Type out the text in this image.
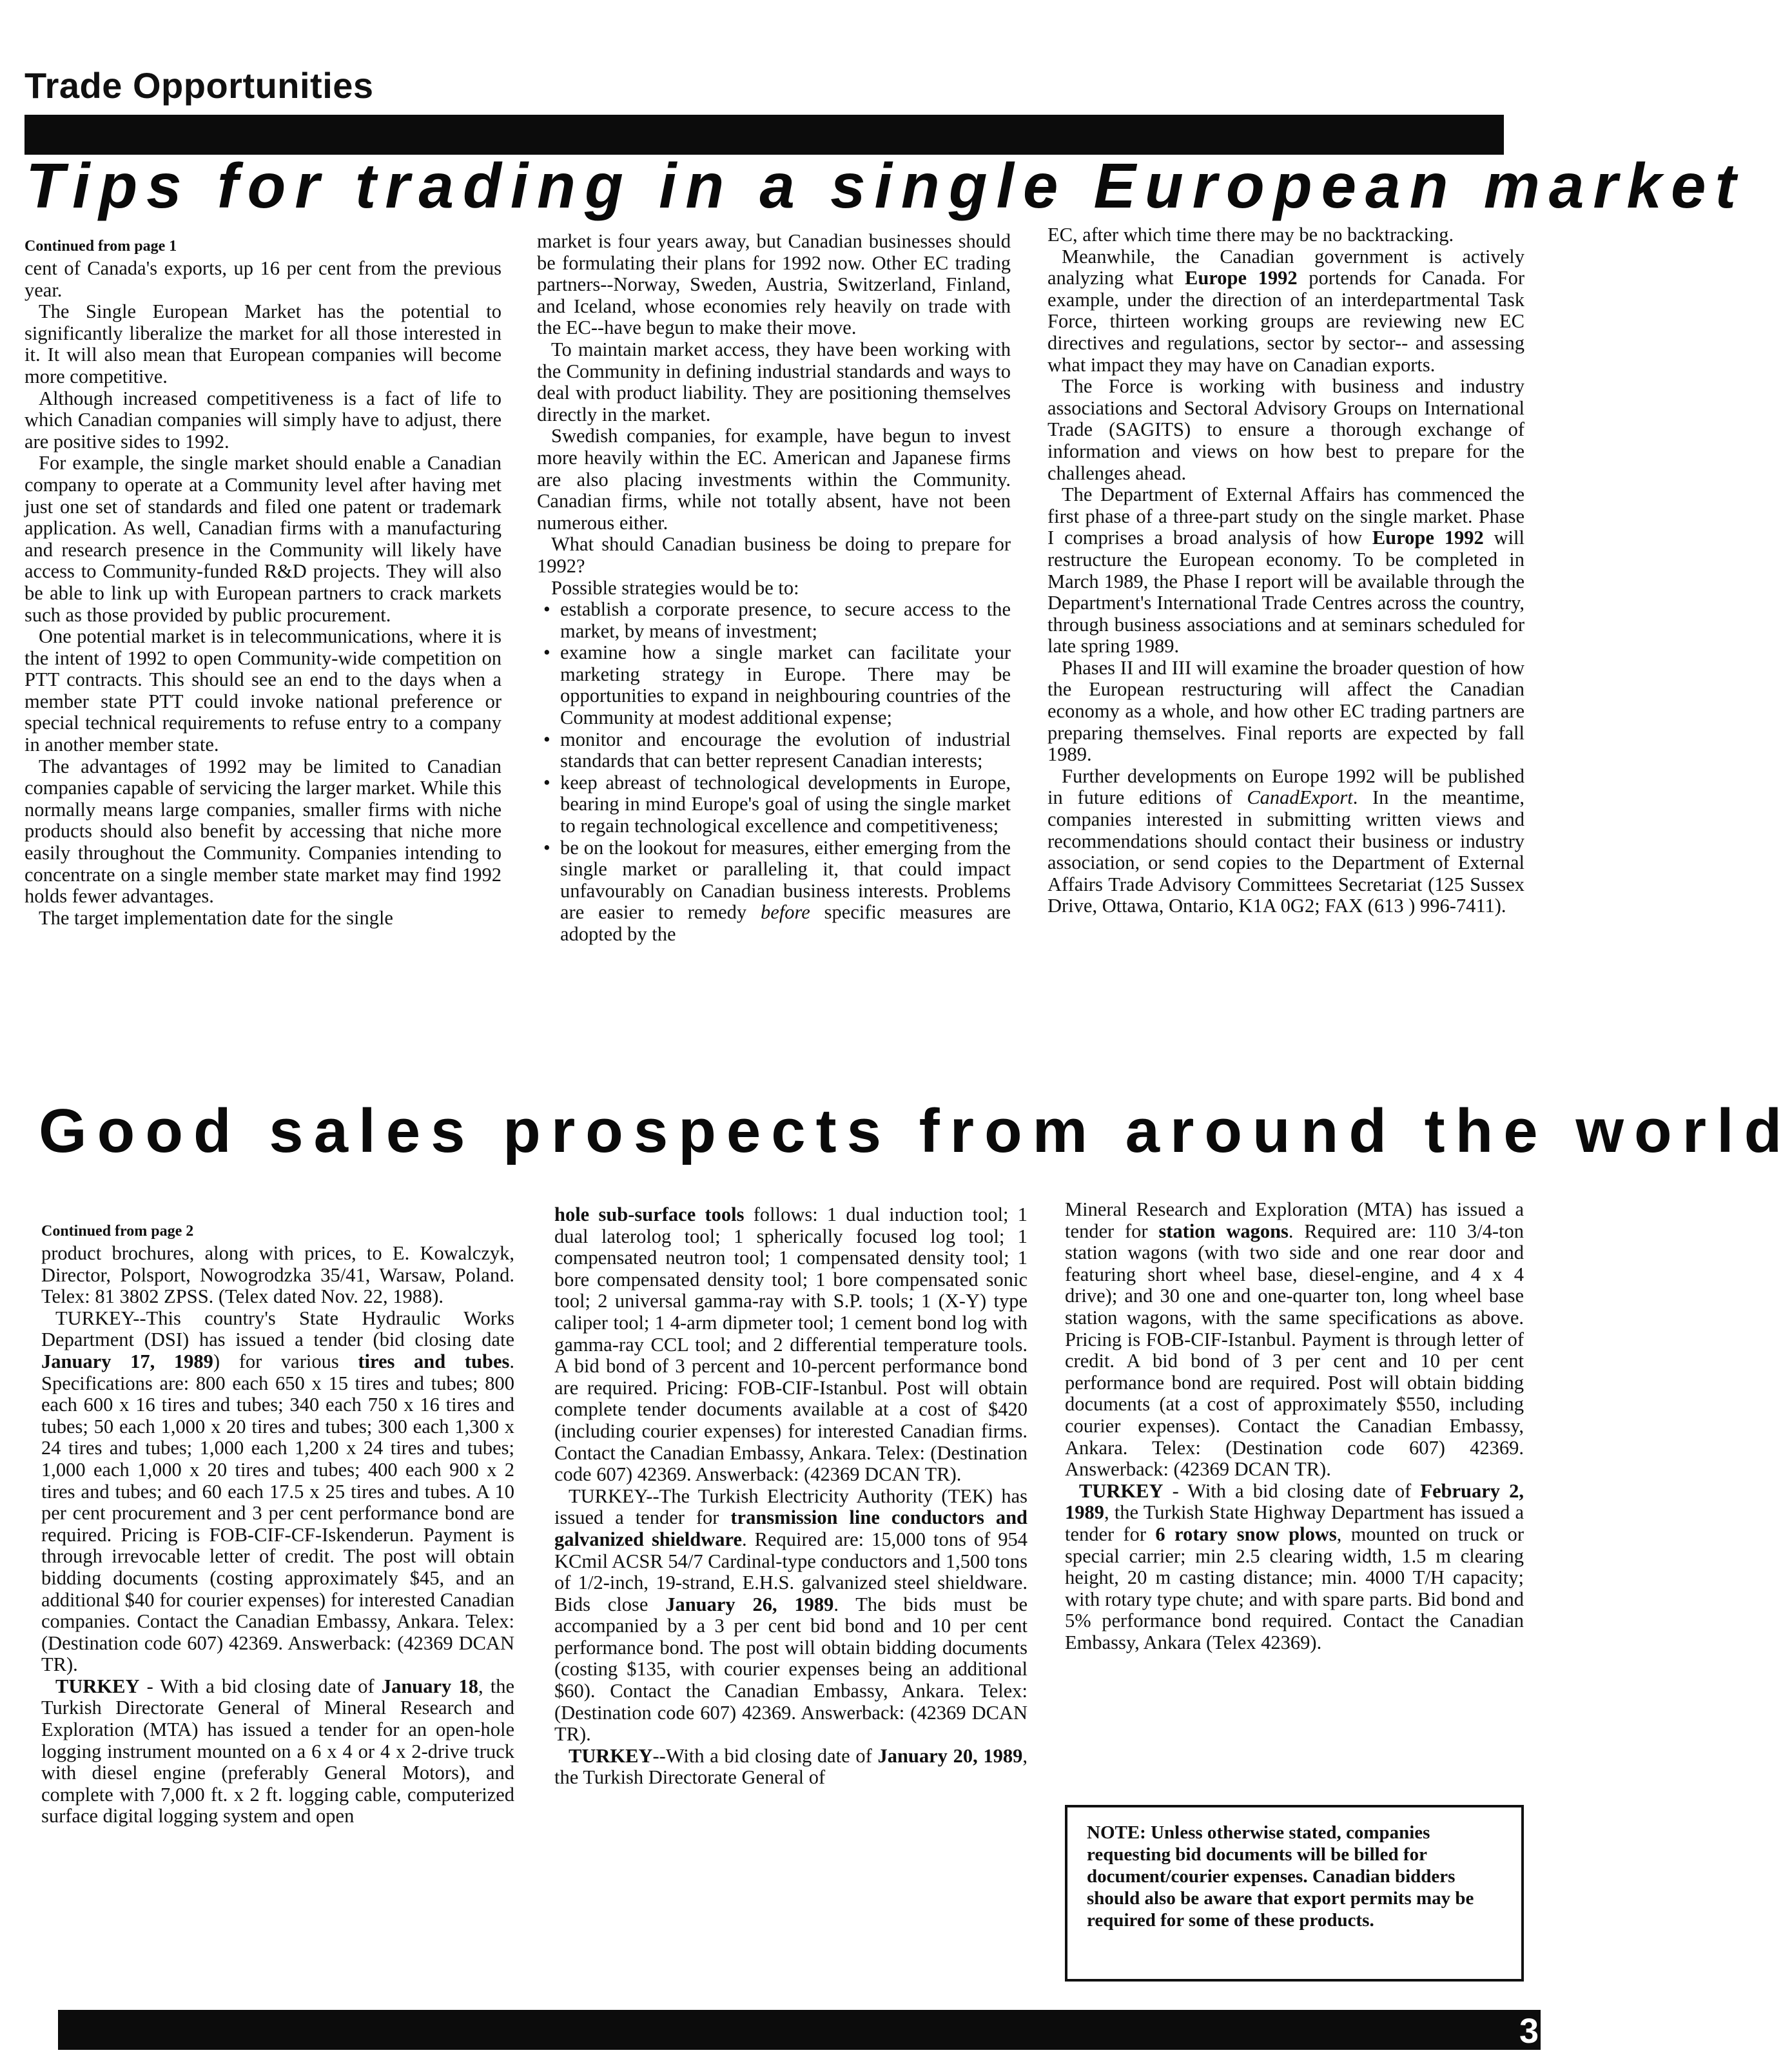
Trade Opportunities
Tips for trading in a single European market
Continued from page 1

cent of Canada's exports, up 16 per cent from the previous year.

The Single European Market has the potential to significantly liberalize the market for all those interested in it. It will also mean that European companies will become more competitive.

Although increased competitiveness is a fact of life to which Canadian companies will simply have to adjust, there are positive sides to 1992.

For example, the single market should enable a Canadian company to operate at a Community level after having met just one set of standards and filed one patent or trademark application. As well, Canadian firms with a manufacturing and research presence in the Community will likely have access to Community-funded R&D projects. They will also be able to link up with European partners to crack markets such as those provided by public procurement.

One potential market is in telecommunications, where it is the intent of 1992 to open Community-wide competition on PTT contracts. This should see an end to the days when a member state PTT could invoke national preference or special technical requirements to refuse entry to a company in another member state.

The advantages of 1992 may be limited to Canadian companies capable of servicing the larger market. While this normally means large companies, smaller firms with niche products should also benefit by accessing that niche more easily throughout the Community. Companies intending to concentrate on a single member state market may find 1992 holds fewer advantages.

The target implementation date for the single

market is four years away, but Canadian businesses should be formulating their plans for 1992 now. Other EC trading partners--Norway, Sweden, Austria, Switzerland, Finland, and Iceland, whose economies rely heavily on trade with the EC--have begun to make their move.

To maintain market access, they have been working with the Community in defining industrial standards and ways to deal with product liability. They are positioning themselves directly in the market.

Swedish companies, for example, have begun to invest more heavily within the EC. American and Japanese firms are also placing investments within the Community. Canadian firms, while not totally absent, have not been numerous either.

What should Canadian business be doing to prepare for 1992?

Possible strategies would be to:

• establish a corporate presence, to secure access to the market, by means of investment;
• examine how a single market can facilitate your marketing strategy in Europe. There may be opportunities to expand in neighbouring countries of the Community at modest additional expense;
• monitor and encourage the evolution of industrial standards that can better represent Canadian interests;
• keep abreast of technological developments in Europe, bearing in mind Europe's goal of using the single market to regain technological excellence and competitiveness;
• be on the lookout for measures, either emerging from the single market or paralleling it, that could impact unfavourably on Canadian business interests. Problems are easier to remedy before specific measures are adopted by the

EC, after which time there may be no backtracking.

Meanwhile, the Canadian government is actively analyzing what Europe 1992 portends for Canada. For example, under the direction of an interdepartmental Task Force, thirteen working groups are reviewing new EC directives and regulations, sector by sector-- and assessing what impact they may have on Canadian exports.

The Force is working with business and industry associations and Sectoral Advisory Groups on International Trade (SAGITS) to ensure a thorough exchange of information and views on how best to prepare for the challenges ahead.

The Department of External Affairs has commenced the first phase of a three-part study on the single market. Phase I comprises a broad analysis of how Europe 1992 will restructure the European economy. To be completed in March 1989, the Phase I report will be available through the Department's International Trade Centres across the country, through business associations and at seminars scheduled for late spring 1989.

Phases II and III will examine the broader question of how the European restructuring will affect the Canadian economy as a whole, and how other EC trading partners are preparing themselves. Final reports are expected by fall 1989.

Further developments on Europe 1992 will be published in future editions of CanadExport. In the meantime, companies interested in submitting written views and recommendations should contact their business or industry association, or send copies to the Department of External Affairs Trade Advisory Committees Secretariat (125 Sussex Drive, Ottawa, Ontario, K1A 0G2; FAX (613 ) 996-7411).

Good sales prospects from around the world
Continued from page 2

product brochures, along with prices, to E. Kowalczyk, Director, Polsport, Nowogrodzka 35/41, Warsaw, Poland. Telex: 81 3802 ZPSS. (Telex dated Nov. 22, 1988).

TURKEY--This country's State Hydraulic Works Department (DSI) has issued a tender (bid closing date January 17, 1989) for various tires and tubes. Specifications are: 800 each 650 x 15 tires and tubes; 800 each 600 x 16 tires and tubes; 340 each 750 x 16 tires and tubes; 50 each 1,000 x 20 tires and tubes; 300 each 1,300 x 24 tires and tubes; 1,000 each 1,200 x 24 tires and tubes; 1,000 each 1,000 x 20 tires and tubes; 400 each 900 x 2 tires and tubes; and 60 each 17.5 x 25 tires and tubes. A 10 per cent procurement and 3 per cent performance bond are required. Pricing is FOB-CIF-CF-Iskenderun. Payment is through irrevocable letter of credit. The post will obtain bidding documents (costing approximately $45, and an additional $40 for courier expenses) for interested Canadian companies. Contact the Canadian Embassy, Ankara. Telex: (Destination code 607) 42369. Answerback: (42369 DCAN TR).

TURKEY - With a bid closing date of January 18, the Turkish Directorate General of Mineral Research and Exploration (MTA) has issued a tender for an open-hole logging instrument mounted on a 6 x 4 or 4 x 2-drive truck with diesel engine (preferably General Motors), and complete with 7,000 ft. x 2 ft. logging cable, computerized surface digital logging system and open

hole sub-surface tools follows: 1 dual induction tool; 1 dual laterolog tool; 1 spherically focused log tool; 1 compensated neutron tool; 1 compensated density tool; 1 bore compensated density tool; 1 bore compensated sonic tool; 2 universal gamma-ray with S.P. tools; 1 (X-Y) type caliper tool; 1 4-arm dipmeter tool; 1 cement bond log with gamma-ray CCL tool; and 2 differential temperature tools. A bid bond of 3 percent and 10-percent performance bond are required. Pricing: FOB-CIF-Istanbul. Post will obtain complete tender documents available at a cost of $420 (including courier expenses) for interested Canadian firms. Contact the Canadian Embassy, Ankara. Telex: (Destination code 607) 42369. Answerback: (42369 DCAN TR).

TURKEY--The Turkish Electricity Authority (TEK) has issued a tender for transmission line conductors and galvanized shieldware. Required are: 15,000 tons of 954 KCmil ACSR 54/7 Cardinal-type conductors and 1,500 tons of 1/2-inch, 19-strand, E.H.S. galvanized steel shieldware. Bids close January 26, 1989. The bids must be accompanied by a 3 per cent bid bond and 10 per cent performance bond. The post will obtain bidding documents (costing $135, with courier expenses being an additional $60). Contact the Canadian Embassy, Ankara. Telex: (Destination code 607) 42369. Answerback: (42369 DCAN TR).

TURKEY--With a bid closing date of January 20, 1989, the Turkish Directorate General of

Mineral Research and Exploration (MTA) has issued a tender for station wagons. Required are: 110 3/4-ton station wagons (with two side and one rear door and featuring short wheel base, diesel-engine, and 4 x 4 drive); and 30 one and one-quarter ton, long wheel base station wagons, with the same specifications as above. Pricing is FOB-CIF-Istanbul. Payment is through letter of credit. A bid bond of 3 per cent and 10 per cent performance bond are required. Post will obtain bidding documents (at a cost of approximately $550, including courier expenses). Contact the Canadian Embassy, Ankara. Telex: (Destination code 607) 42369. Answerback: (42369 DCAN TR).

TURKEY - With a bid closing date of February 2, 1989, the Turkish State Highway Department has issued a tender for 6 rotary snow plows, mounted on truck or special carrier; min 2.5 clearing width, 1.5 m clearing height, 20 m casting distance; min. 4000 T/H capacity; with rotary type chute; and with spare parts. Bid bond and 5% performance bond required. Contact the Canadian Embassy, Ankara (Telex 42369).

NOTE: Unless otherwise stated, companies requesting bid documents will be billed for document/courier expenses. Canadian bidders should also be aware that export permits may be required for some of these products.
3
